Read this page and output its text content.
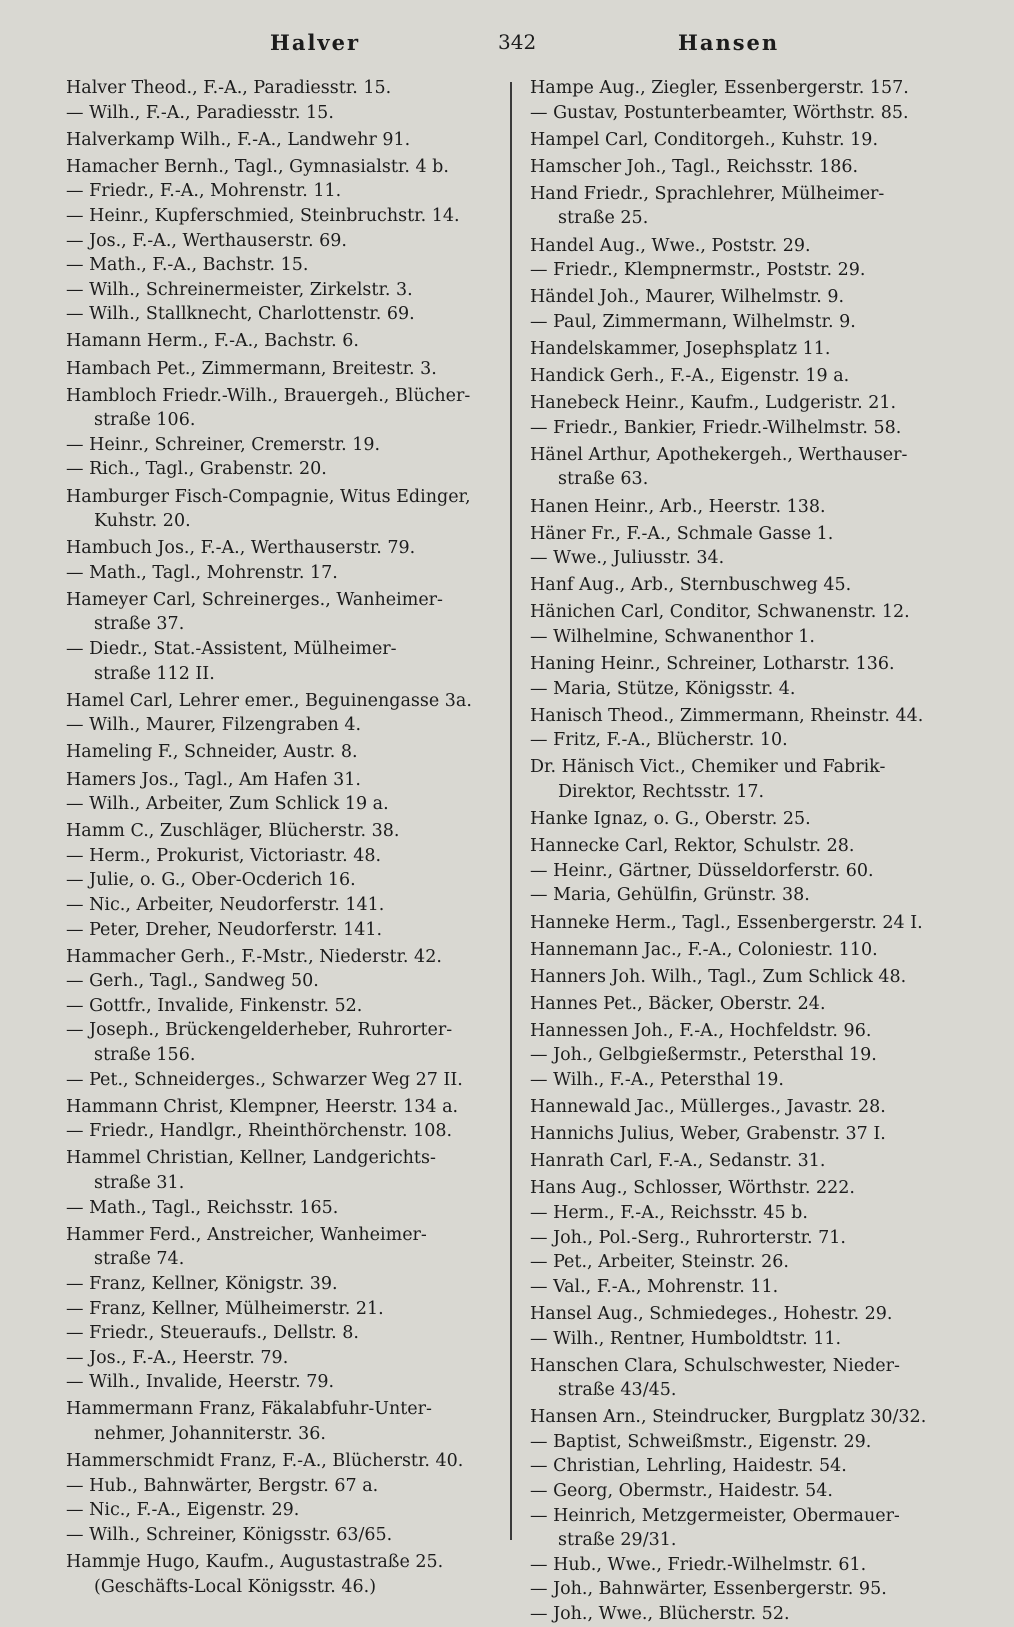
Halver	342	Hansen
Halver Theod., F.-A., Paradiesstr. 15.
— Wilh., F.-A., Paradiesstr. 15.
Halverkamp Wilh., F.-A., Landwehr 91.
Hamacher Bernh., Tagl., Gymnasialstr. 4 b.
— Friedr., F.-A., Mohrenstr. 11.
— Heinr., Kupferschmied, Steinbruchstr. 14.
— Jos., F.-A., Werthauserstr. 69.
— Math., F.-A., Bachstr. 15.
— Wilh., Schreinermeister, Zirkelstr. 3.
— Wilh., Stallknecht, Charlottenstr. 69.
Hamann Herm., F.-A., Bachstr. 6.
Hambach Pet., Zimmermann, Breitestr. 3.
Hambloch Friedr.-Wilh., Brauergeh., Blücher-
straße 106.
— Heinr., Schreiner, Cremerstr. 19.
— Rich., Tagl., Grabenstr. 20.
Hamburger Fisch-Compagnie, Witus Edinger,
Kuhstr. 20.
Hambuch Jos., F.-A., Werthauserstr. 79.
— Math., Tagl., Mohrenstr. 17.
Hameyer Carl, Schreinerges., Wanheimer-
straße 37.
— Diedr., Stat.-Assistent, Mülheimer-
straße 112 II.
Hamel Carl, Lehrer emer., Beguinengasse 3a.
— Wilh., Maurer, Filzengraben 4.
Hameling F., Schneider, Austr. 8.
Hamers Jos., Tagl., Am Hafen 31.
— Wilh., Arbeiter, Zum Schlick 19 a.
Hamm C., Zuschläger, Blücherstr. 38.
— Herm., Prokurist, Victoriastr. 48.
— Julie, o. G., Ober-Ocderich 16.
— Nic., Arbeiter, Neudorferstr. 141.
— Peter, Dreher, Neudorferstr. 141.
Hammacher Gerh., F.-Mstr., Niederstr. 42.
— Gerh., Tagl., Sandweg 50.
— Gottfr., Invalide, Finkenstr. 52.
— Joseph., Brückengelderheber, Ruhrorter-
straße 156.
— Pet., Schneiderges., Schwarzer Weg 27 II.
Hammann Christ, Klempner, Heerstr. 134 a.
— Friedr., Handlgr., Rheinthörchenstr. 108.
Hammel Christian, Kellner, Landgerichts-
straße 31.
— Math., Tagl., Reichsstr. 165.
Hammer Ferd., Anstreicher, Wanheimer-
straße 74.
— Franz, Kellner, Königstr. 39.
— Franz, Kellner, Mülheimerstr. 21.
— Friedr., Steueraufs., Dellstr. 8.
— Jos., F.-A., Heerstr. 79.
— Wilh., Invalide, Heerstr. 79.
Hammermann Franz, Fäkalabfuhr-Unter-
nehmer, Johanniterstr. 36.
Hammerschmidt Franz, F.-A., Blücherstr. 40.
— Hub., Bahnwärter, Bergstr. 67 a.
— Nic., F.-A., Eigenstr. 29.
— Wilh., Schreiner, Königsstr. 63/65.
Hammje Hugo, Kaufm., Augustastraße 25.
(Geschäfts-Local Königsstr. 46.)
Hampe Aug., Ziegler, Essenbergerstr. 157.
— Gustav, Postunterbeamter, Wörthstr. 85.
Hampel Carl, Conditorgeh., Kuhstr. 19.
Hamscher Joh., Tagl., Reichsstr. 186.
Hand Friedr., Sprachlehrer, Mülheimer-
straße 25.
Handel Aug., Wwe., Poststr. 29.
— Friedr., Klempnermstr., Poststr. 29.
Händel Joh., Maurer, Wilhelmstr. 9.
— Paul, Zimmermann, Wilhelmstr. 9.
Handelskammer, Josephsplatz 11.
Handick Gerh., F.-A., Eigenstr. 19 a.
Hanebeck Heinr., Kaufm., Ludgeristr. 21.
— Friedr., Bankier, Friedr.-Wilhelmstr. 58.
Hänel Arthur, Apothekergeh., Werthauser-
straße 63.
Hanen Heinr., Arb., Heerstr. 138.
Häner Fr., F.-A., Schmale Gasse 1.
— Wwe., Juliusstr. 34.
Hanf Aug., Arb., Sternbuschweg 45.
Hänichen Carl, Conditor, Schwanenstr. 12.
— Wilhelmine, Schwanenthor 1.
Haning Heinr., Schreiner, Lotharstr. 136.
— Maria, Stütze, Königsstr. 4.
Hanisch Theod., Zimmermann, Rheinstr. 44.
— Fritz, F.-A., Blücherstr. 10.
Dr. Hänisch Vict., Chemiker und Fabrik-
Direktor, Rechtsstr. 17.
Hanke Ignaz, o. G., Oberstr. 25.
Hannecke Carl, Rektor, Schulstr. 28.
— Heinr., Gärtner, Düsseldorferstr. 60.
— Maria, Gehülfin, Grünstr. 38.
Hanneke Herm., Tagl., Essenbergerstr. 24 I.
Hannemann Jac., F.-A., Coloniestr. 110.
Hanners Joh. Wilh., Tagl., Zum Schlick 48.
Hannes Pet., Bäcker, Oberstr. 24.
Hannessen Joh., F.-A., Hochfeldstr. 96.
— Joh., Gelbgießermstr., Petersthal 19.
— Wilh., F.-A., Petersthal 19.
Hannewald Jac., Müllerges., Javastr. 28.
Hannichs Julius, Weber, Grabenstr. 37 I.
Hanrath Carl, F.-A., Sedanstr. 31.
Hans Aug., Schlosser, Wörthstr. 222.
— Herm., F.-A., Reichsstr. 45 b.
— Joh., Pol.-Serg., Ruhrorterstr. 71.
— Pet., Arbeiter, Steinstr. 26.
— Val., F.-A., Mohrenstr. 11.
Hansel Aug., Schmiedeges., Hohestr. 29.
— Wilh., Rentner, Humboldtstr. 11.
Hanschen Clara, Schulschwester, Nieder-
straße 43/45.
Hansen Arn., Steindrucker, Burgplatz 30/32.
— Baptist, Schweißmstr., Eigenstr. 29.
— Christian, Lehrling, Haidestr. 54.
— Georg, Obermstr., Haidestr. 54.
— Heinrich, Metzgermeister, Obermauer-
straße 29/31.
— Hub., Wwe., Friedr.-Wilhelmstr. 61.
— Joh., Bahnwärter, Essenbergerstr. 95.
— Joh., Wwe., Blücherstr. 52.
